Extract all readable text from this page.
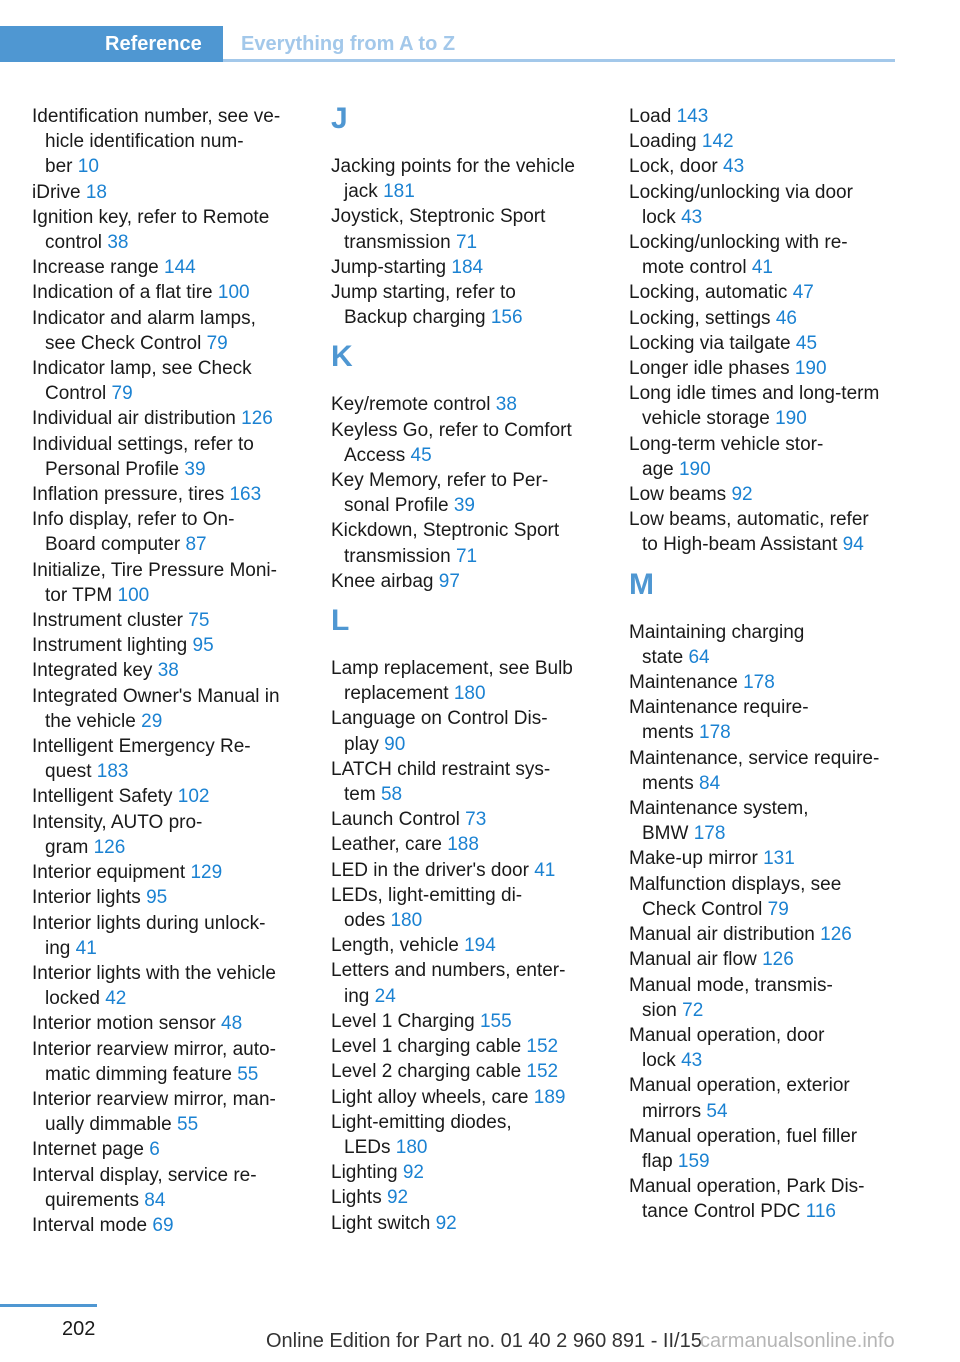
Reference	Everything from A to Z
Identification number, see ve-
hicle identification num-
ber 10
iDrive 18
Ignition key, refer to Remote
control 38
Increase range 144
Indication of a flat tire 100
Indicator and alarm lamps,
see Check Control 79
Indicator lamp, see Check
Control 79
Individual air distribution 126
Individual settings, refer to
Personal Profile 39
Inflation pressure, tires 163
Info display, refer to On-
Board computer 87
Initialize, Tire Pressure Moni-
tor TPM 100
Instrument cluster 75
Instrument lighting 95
Integrated key 38
Integrated Owner's Manual in
the vehicle 29
Intelligent Emergency Re-
quest 183
Intelligent Safety 102
Intensity, AUTO pro-
gram 126
Interior equipment 129
Interior lights 95
Interior lights during unlock-
ing 41
Interior lights with the vehicle
locked 42
Interior motion sensor 48
Interior rearview mirror, auto-
matic dimming feature 55
Interior rearview mirror, man-
ually dimmable 55
Internet page 6
Interval display, service re-
quirements 84
Interval mode 69
J
Jacking points for the vehicle
jack 181
Joystick, Steptronic Sport
transmission 71
Jump-starting 184
Jump starting, refer to
Backup charging 156
K
Key/remote control 38
Keyless Go, refer to Comfort
Access 45
Key Memory, refer to Per-
sonal Profile 39
Kickdown, Steptronic Sport
transmission 71
Knee airbag 97
L
Lamp replacement, see Bulb
replacement 180
Language on Control Dis-
play 90
LATCH child restraint sys-
tem 58
Launch Control 73
Leather, care 188
LED in the driver's door 41
LEDs, light-emitting di-
odes 180
Length, vehicle 194
Letters and numbers, enter-
ing 24
Level 1 Charging 155
Level 1 charging cable 152
Level 2 charging cable 152
Light alloy wheels, care 189
Light-emitting diodes,
LEDs 180
Lighting 92
Lights 92
Light switch 92
Load 143
Loading 142
Lock, door 43
Locking/unlocking via door
lock 43
Locking/unlocking with re-
mote control 41
Locking, automatic 47
Locking, settings 46
Locking via tailgate 45
Longer idle phases 190
Long idle times and long-term
vehicle storage 190
Long-term vehicle stor-
age 190
Low beams 92
Low beams, automatic, refer
to High-beam Assistant 94
M
Maintaining charging
state 64
Maintenance 178
Maintenance require-
ments 178
Maintenance, service require-
ments 84
Maintenance system,
BMW 178
Make-up mirror 131
Malfunction displays, see
Check Control 79
Manual air distribution 126
Manual air flow 126
Manual mode, transmis-
sion 72
Manual operation, door
lock 43
Manual operation, exterior
mirrors 54
Manual operation, fuel filler
flap 159
Manual operation, Park Dis-
tance Control PDC 116
202
Online Edition for Part no. 01 40 2 960 891 - II/15
carmanualsonline.info
